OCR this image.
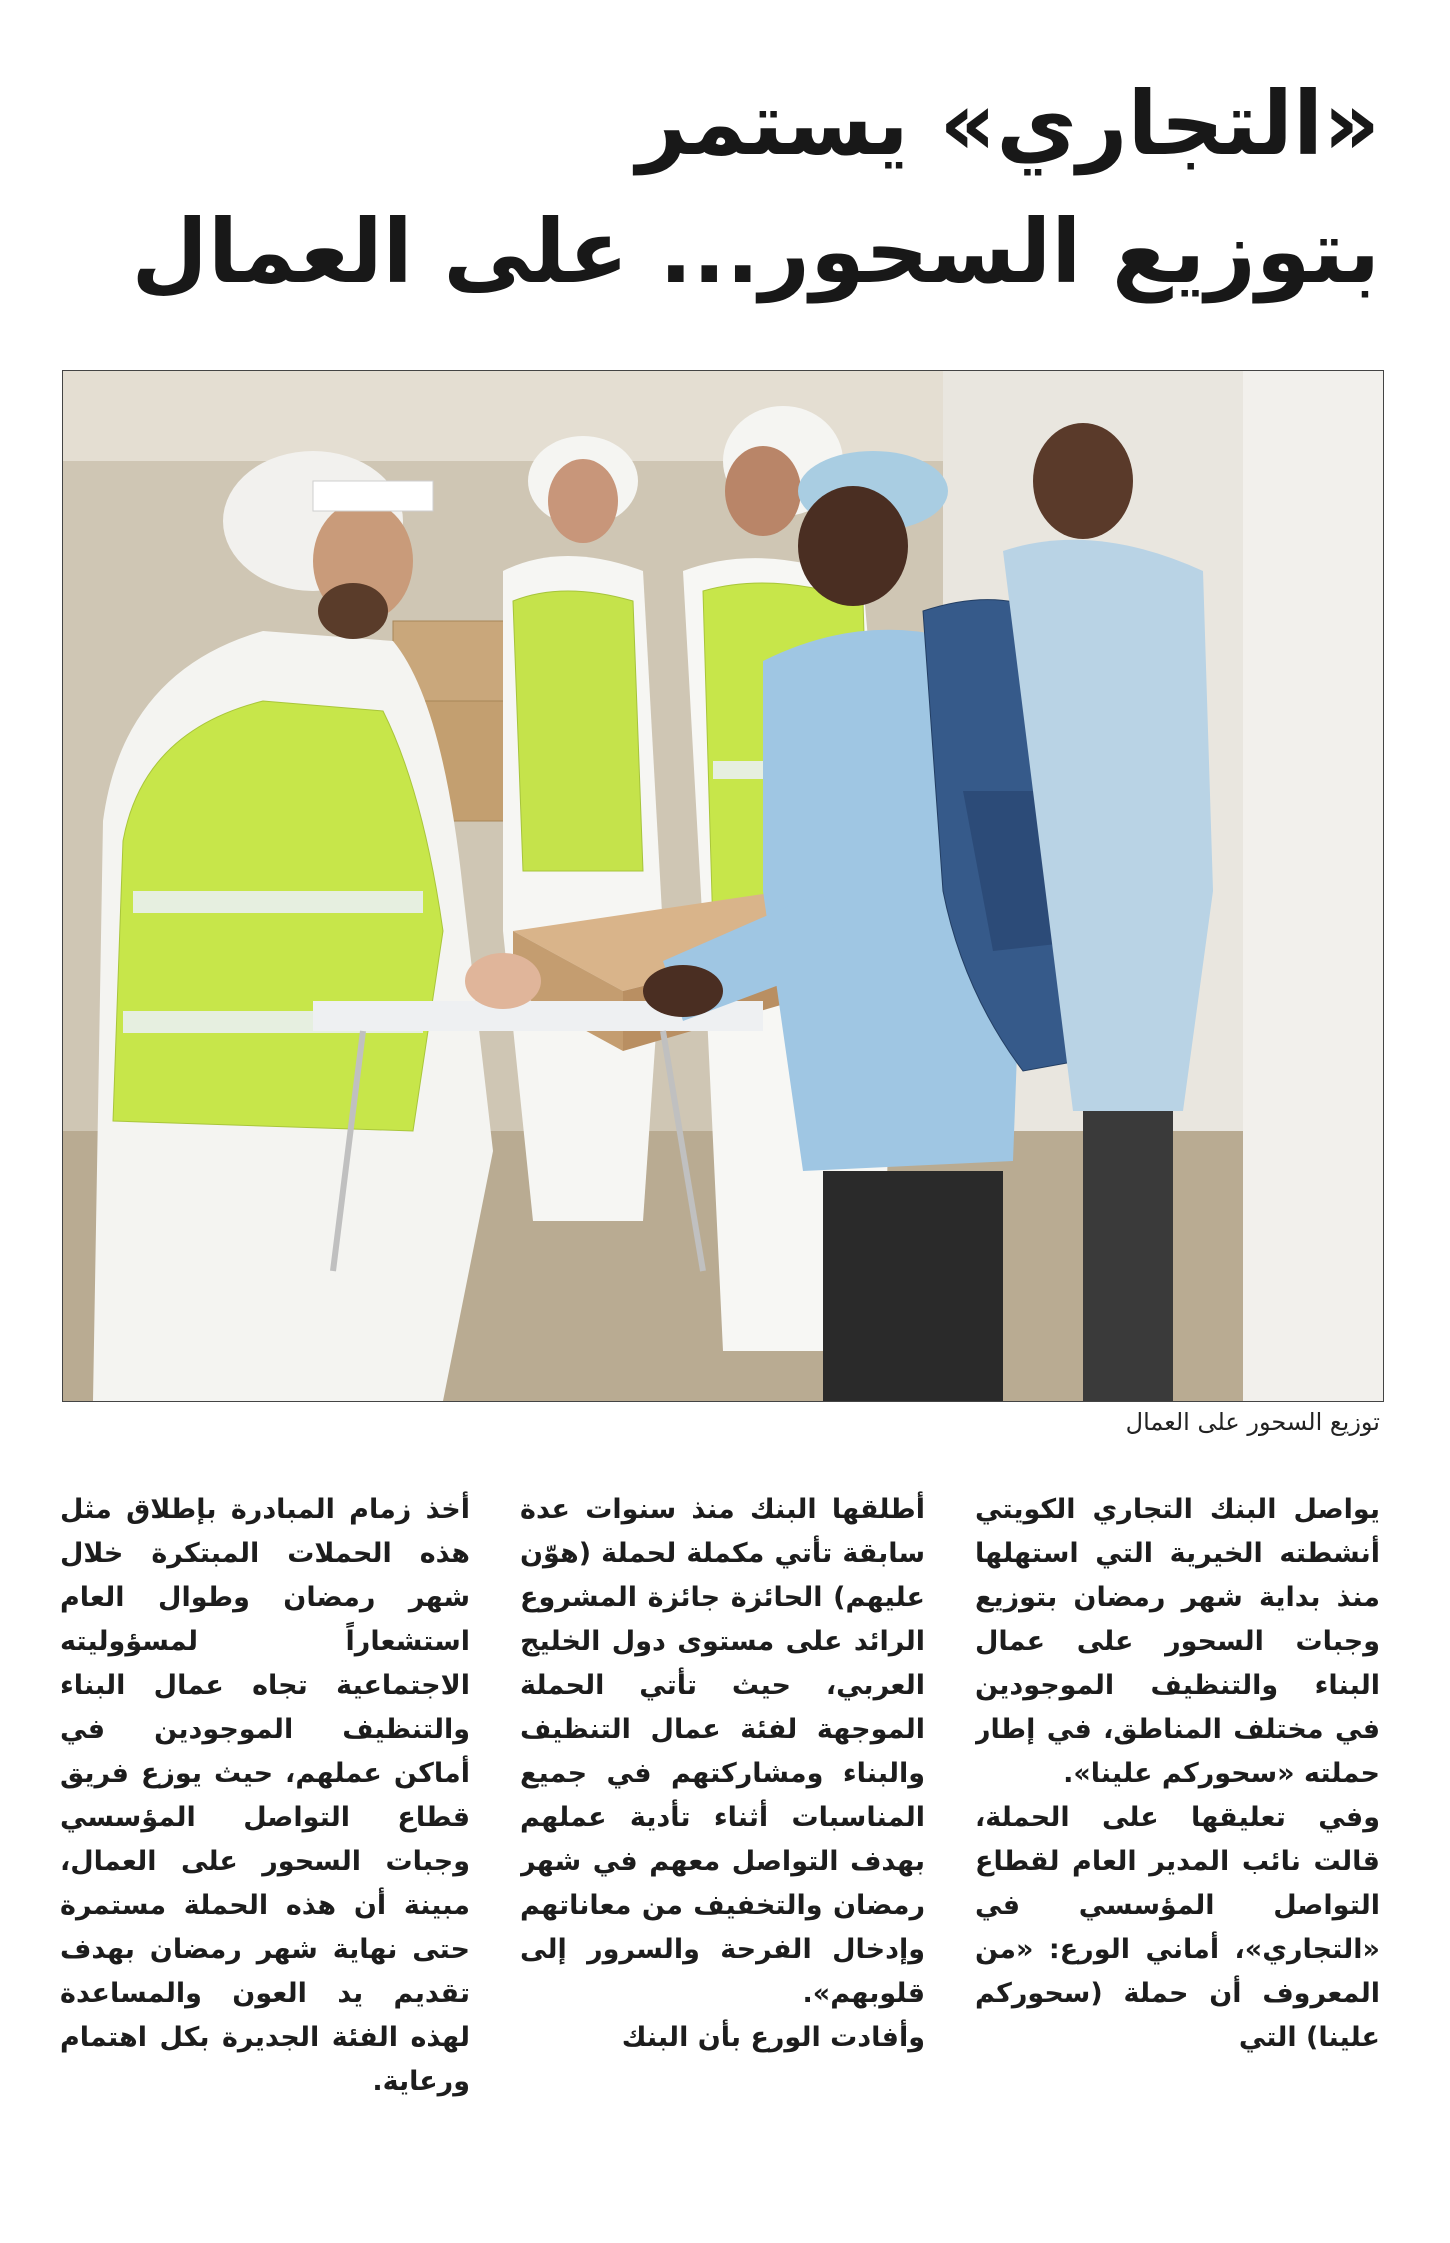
«التجاري» يستمر
بتوزيع السحور... على العمال
توزيع السحور على العمال

يواصل البنك التجاري الكويتي أنشطته الخيرية التي استهلها منذ بداية شهر رمضان بتوزيع وجبات السحور على عمال البناء والتنظيف الموجودين في مختلف المناطق، في إطار حملته «سحوركم علينا».

وفي تعليقها على الحملة، قالت نائب المدير العام لقطاع التواصل المؤسسي في «التجاري»، أماني الورع: «من المعروف أن حملة (سحوركم علينا) التي

أطلقها البنك منذ سنوات عدة سابقة تأتي مكملة لحملة (هوّن عليهم) الحائزة جائزة المشروع الرائد على مستوى دول الخليج العربي، حيث تأتي الحملة الموجهة لفئة عمال التنظيف والبناء ومشاركتهم في جميع المناسبات أثناء تأدية عملهم بهدف التواصل معهم في شهر رمضان والتخفيف من معاناتهم وإدخال الفرحة والسرور إلى قلوبهم».

وأفادت الورع بأن البنك

أخذ زمام المبادرة بإطلاق مثل هذه الحملات المبتكرة خلال شهر رمضان وطوال العام استشعاراً لمسؤوليته الاجتماعية تجاه عمال البناء والتنظيف الموجودين في أماكن عملهم، حيث يوزع فريق قطاع التواصل المؤسسي وجبات السحور على العمال، مبينة أن هذه الحملة مستمرة حتى نهاية شهر رمضان بهدف تقديم يد العون والمساعدة لهذه الفئة الجديرة بكل اهتمام ورعاية.
